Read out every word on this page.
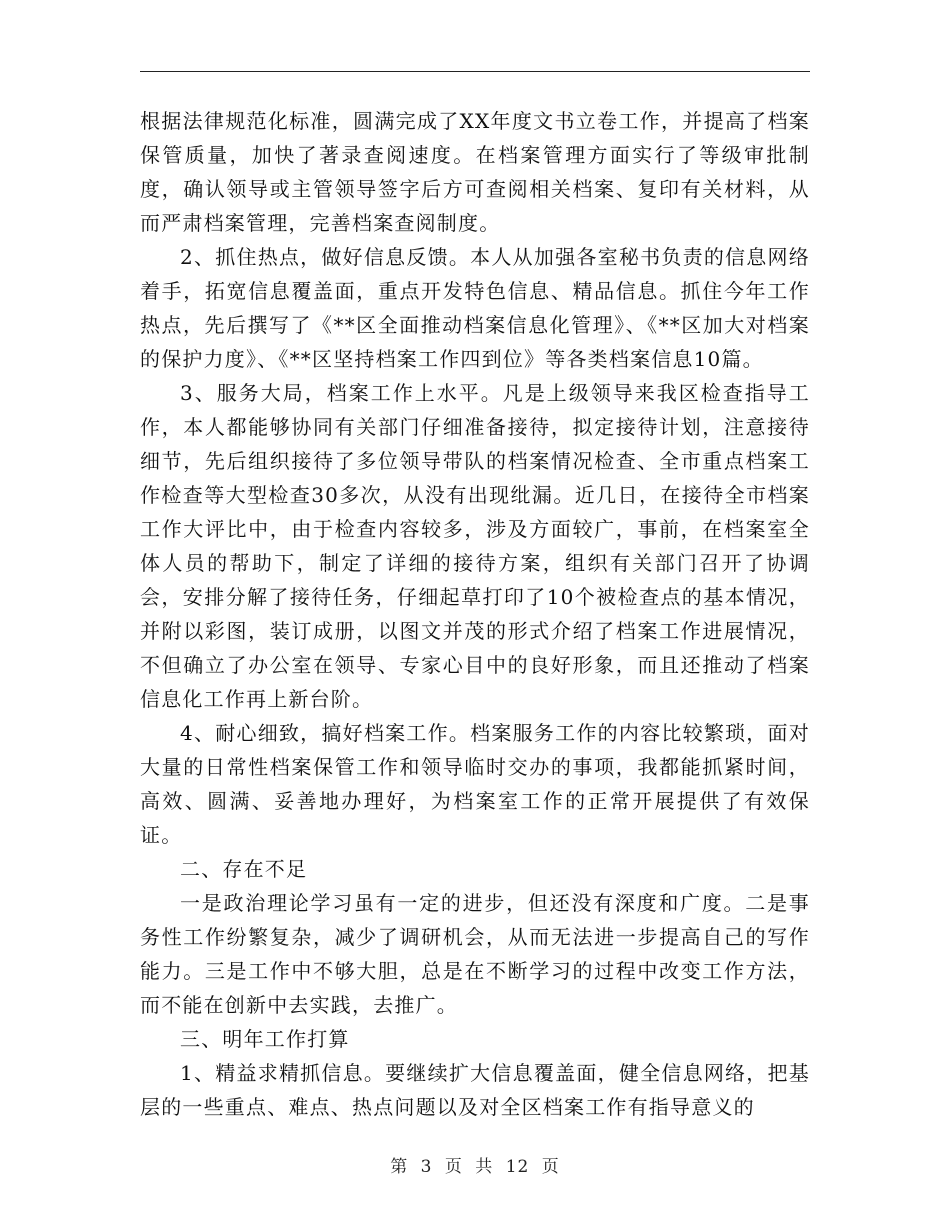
根据法律规范化标准，圆满完成了XX年度文书立卷工作，并提高了档案保管质量，加快了著录查阅速度。在档案管理方面实行了等级审批制度，确认领导或主管领导签字后方可查阅相关档案、复印有关材料，从而严肃档案管理，完善档案查阅制度。

2、抓住热点，做好信息反馈。本人从加强各室秘书负责的信息网络着手，拓宽信息覆盖面，重点开发特色信息、精品信息。抓住今年工作热点，先后撰写了《**区全面推动档案信息化管理》、《**区加大对档案的保护力度》、《**区坚持档案工作四到位》等各类档案信息10篇。

3、服务大局，档案工作上水平。凡是上级领导来我区检查指导工作，本人都能够协同有关部门仔细准备接待，拟定接待计划，注意接待细节，先后组织接待了多位领导带队的档案情况检查、全市重点档案工作检查等大型检查30多次，从没有出现纰漏。近几日，在接待全市档案工作大评比中，由于检查内容较多，涉及方面较广，事前，在档案室全体人员的帮助下，制定了详细的接待方案，组织有关部门召开了协调会，安排分解了接待任务，仔细起草打印了10个被检查点的基本情况，并附以彩图，装订成册，以图文并茂的形式介绍了档案工作进展情况，不但确立了办公室在领导、专家心目中的良好形象，而且还推动了档案信息化工作再上新台阶。

4、耐心细致，搞好档案工作。档案服务工作的内容比较繁琐，面对大量的日常性档案保管工作和领导临时交办的事项，我都能抓紧时间，高效、圆满、妥善地办理好，为档案室工作的正常开展提供了有效保证。

二、存在不足

一是政治理论学习虽有一定的进步，但还没有深度和广度。二是事务性工作纷繁复杂，减少了调研机会，从而无法进一步提高自己的写作能力。三是工作中不够大胆，总是在不断学习的过程中改变工作方法，而不能在创新中去实践，去推广。

三、明年工作打算

1、精益求精抓信息。要继续扩大信息覆盖面，健全信息网络，把基层的一些重点、难点、热点问题以及对全区档案工作有指导意义的

第 3 页 共 12 页
